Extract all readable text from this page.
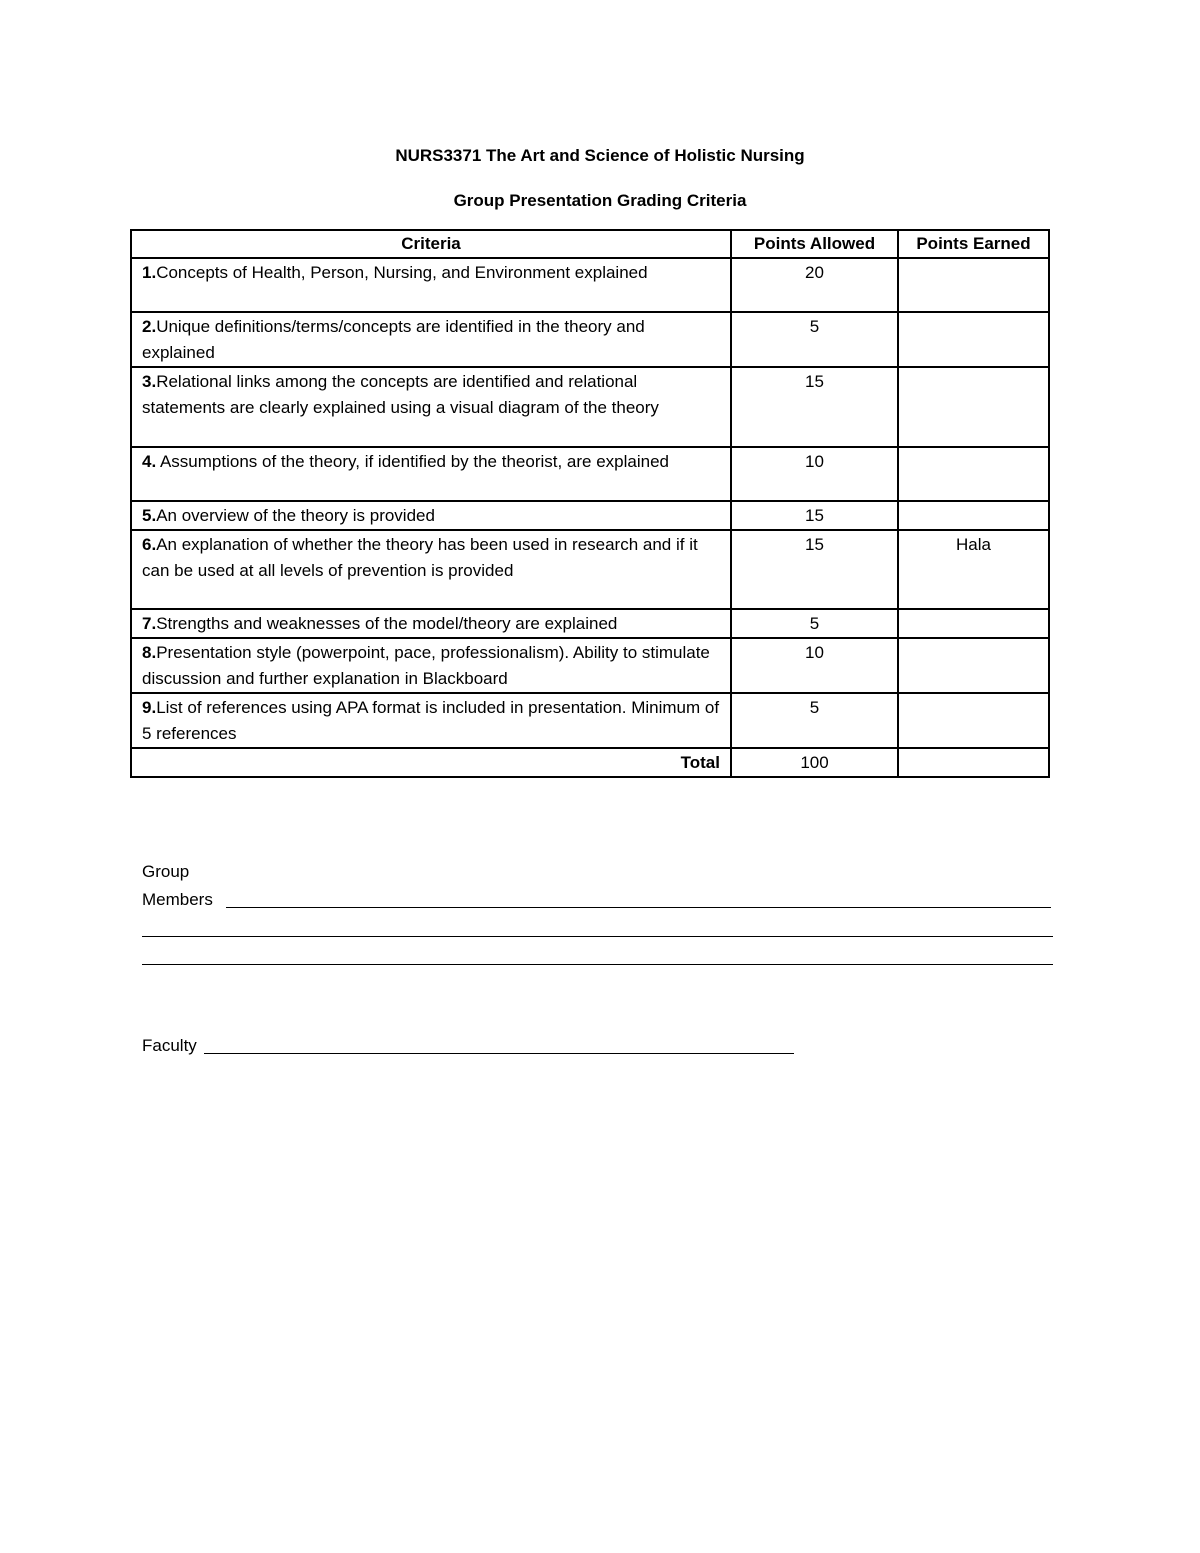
NURS3371 The Art and Science of Holistic Nursing
Group Presentation Grading Criteria
Criteria	Points Allowed	Points Earned
1.Concepts of Health, Person, Nursing, and Environment explained	20	
2.Unique definitions/terms/concepts are identified in the theory and explained	5	
3.Relational links among the concepts are identified and relational statements are clearly explained using a visual diagram of the theory	15	
4. Assumptions of the theory, if identified by the theorist, are explained	10	
5.An overview of the theory is provided	15	
6.An explanation of whether the theory has been used in research and if it can be used at all levels of prevention is provided	15	Hala
7.Strengths and weaknesses of the model/theory are explained	5	
8.Presentation style (powerpoint, pace, professionalism). Ability to stimulate discussion and further explanation in Blackboard	10	
9.List of references using APA format is included in presentation. Minimum of 5 references	5	
Total	100	
Group
Members
Faculty
